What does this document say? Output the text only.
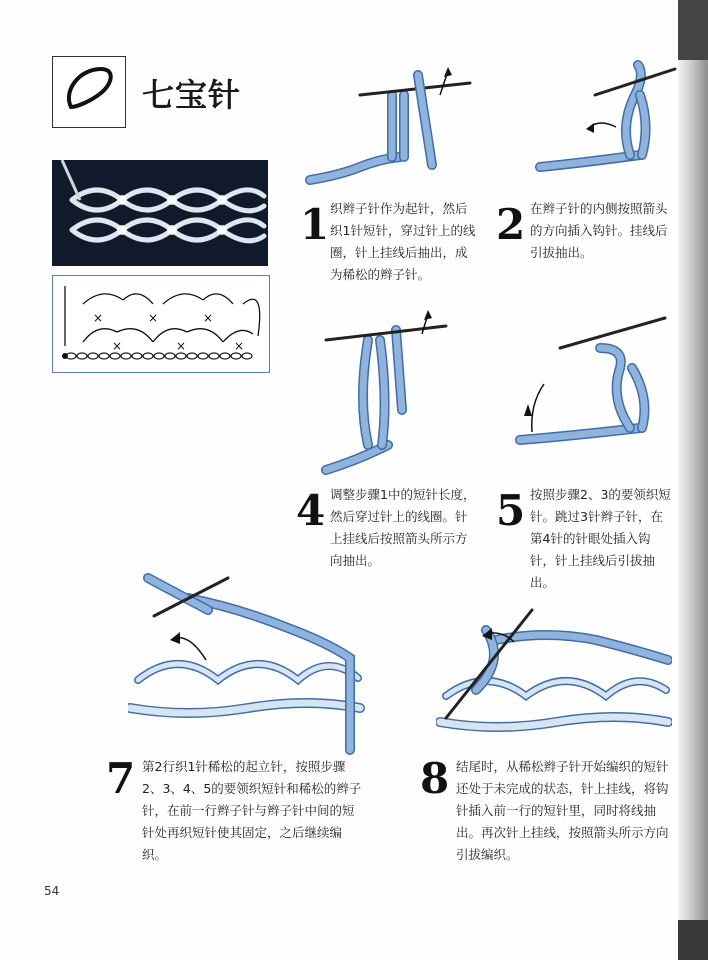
七宝针
×	×	×
×	×	×
1 织辫子针作为起针，然后织1针短针，穿过针上的线圈，针上挂线后抽出，成为稀松的辫子针。
2 在辫子针的内侧按照箭头的方向插入钩针。挂线后引拔抽出。
4 调整步骤1中的短针长度，然后穿过针上的线圈。针上挂线后按照箭头所示方向抽出。
5 按照步骤2、3的要领织短针。跳过3针辫子针，在第4针的针眼处插入钩针，针上挂线后引拔抽出。
7 第2行织1针稀松的起立针，按照步骤2、3、4、5的要领织短针和稀松的辫子针，在前一行辫子针与辫子针中间的短针处再织短针使其固定，之后继续编织。
8 结尾时，从稀松辫子针开始编织的短针还处于未完成的状态，针上挂线，将钩针插入前一行的短针里，同时将线抽出。再次针上挂线，按照箭头所示方向引拔编织。
54
